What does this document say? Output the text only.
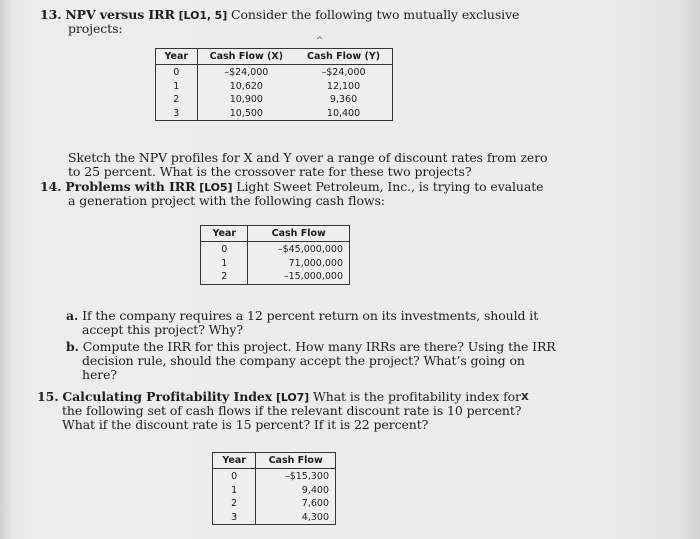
13. NPV versus IRR [LO1, 5] Consider the following two mutually exclusive
projects:
^
Year	Cash Flow (X)	Cash Flow (Y)
0	–$24,000	–$24,000
1	10,620	12,100
2	10,900	9,360
3	10,500	10,400
Sketch the NPV profiles for X and Y over a range of discount rates from zero
to 25 percent. What is the crossover rate for these two projects?
14. Problems with IRR [LO5] Light Sweet Petroleum, Inc., is trying to evaluate
a generation project with the following cash flows:
Year	Cash Flow
0	–$45,000,000
1	71,000,000
2	–15,000,000
a. If the company requires a 12 percent return on its investments, should it
accept this project? Why?
b. Compute the IRR for this project. How many IRRs are there? Using the IRR
decision rule, should the company accept the project? What’s going on
here?
15. Calculating Profitability Index [LO7] What is the profitability index for x
the following set of cash flows if the relevant discount rate is 10 percent?
What if the discount rate is 15 percent? If it is 22 percent?
Year	Cash Flow
0	–$15,300
1	9,400
2	7,600
3	4,300
